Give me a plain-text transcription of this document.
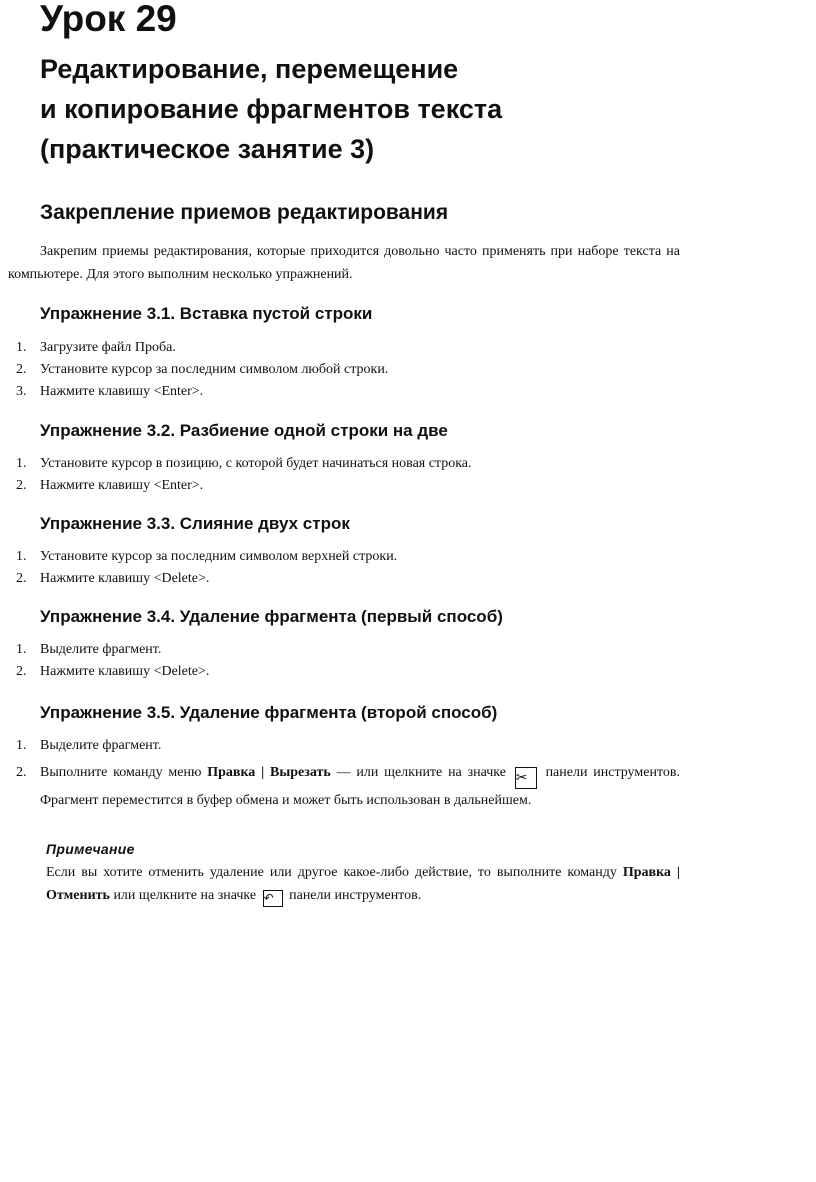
Урок 29
Редактирование, перемещение
и копирование фрагментов текста
(практическое занятие 3)
Закрепление приемов редактирования

Закрепим приемы редактирования, которые приходится довольно часто применять при наборе текста на компьютере. Для этого выполним несколько упражнений.

Упражнение 3.1. Вставка пустой строки
1. Загрузите файл Проба.
2. Установите курсор за последним символом любой строки.
3. Нажмите клавишу <Enter>.
Упражнение 3.2. Разбиение одной строки на две
1. Установите курсор в позицию, с которой будет начинаться новая строка.
2. Нажмите клавишу <Enter>.
Упражнение 3.3. Слияние двух строк
1. Установите курсор за последним символом верхней строки.
2. Нажмите клавишу <Delete>.
Упражнение 3.4. Удаление фрагмента (первый способ)
1. Выделите фрагмент.
2. Нажмите клавишу <Delete>.
Упражнение 3.5. Удаление фрагмента (второй способ)
1. Выделите фрагмент.
2. Выполните команду меню Правка | Вырезать — или щелкните на значке ✂ панели инструментов. Фрагмент переместится в буфер обмена и может быть использован в дальнейшем.

Примечание

Если вы хотите отменить удаление или другое какое-либо действие, то выполните команду Правка | Отменить или щелкните на значке ↶ панели инструментов.
